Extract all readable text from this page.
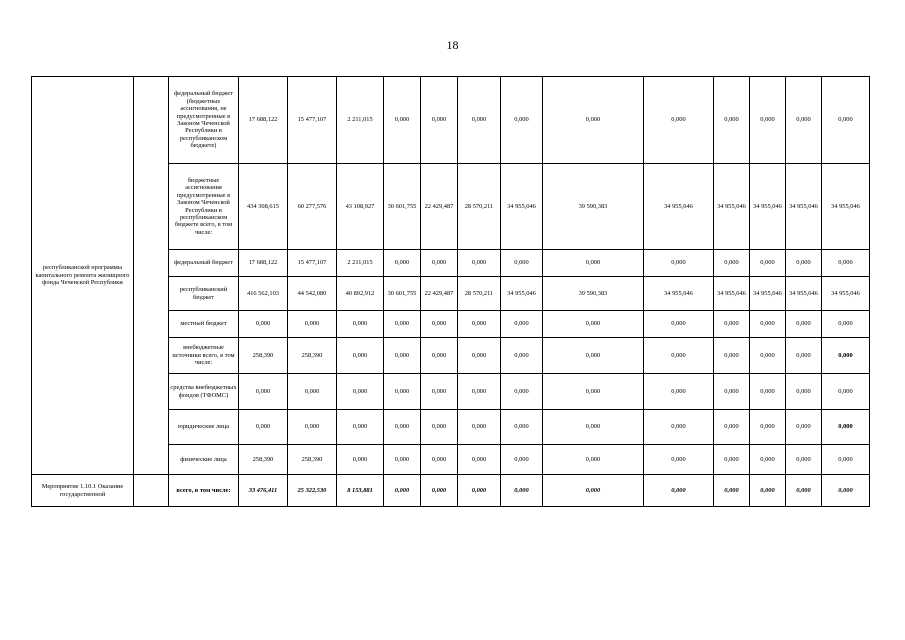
18
республиканской программы капитального ремонта жилищного фонда Чеченской Республики		федеральный бюджет (бюджетные ассигнования, не предусмотренные в Законом Чеченской Республики в республиканском бюджете)	17 688,122	15 477,107	2 211,015	0,000	0,000	0,000	0,000	0,000	0,000	0,000	0,000	0,000	0,000
		бюджетные ассигнования предусмотренные в Законом Чеченской Республики в республиканском бюджете всего, в том числе:	434 308,615	60 277,576	43 108,927	30 601,755	22 429,487	28 570,211	34 955,046	39 590,383	34 955,046	34 955,046	34 955,046	34 955,046	34 955,046
		федеральный бюджет	17 688,122	15 477,107	2 211,015	0,000	0,000	0,000	0,000	0,000	0,000	0,000	0,000	0,000	0,000
		республиканский бюджет	416 562,103	44 542,080	40 892,912	30 601,755	22 429,487	28 570,211	34 955,046	39 590,383	34 955,046	34 955,046	34 955,046	34 955,046	34 955,046
		местный бюджет	0,000	0,000	0,000	0,000	0,000	0,000	0,000	0,000	0,000	0,000	0,000	0,000	0,000
		внебюджетные источники всего, в том числе:	258,390	258,390	0,000	0,000	0,000	0,000	0,000	0,000	0,000	0,000	0,000	0,000	0,000
		средства внебюджетных фондов (ТФОМС)	0,000	0,000	0,000	0,000	0,000	0,000	0,000	0,000	0,000	0,000	0,000	0,000	0,000
		юридические лица	0,000	0,000	0,000	0,000	0,000	0,000	0,000	0,000	0,000	0,000	0,000	0,000	0,000
		физические лица	258,390	258,390	0,000	0,000	0,000	0,000	0,000	0,000	0,000	0,000	0,000	0,000	0,000
Мероприятие 1.10.1 Оказание государственной		всего, в том числе:	33 476,411	25 322,530	8 153,881	0,000	0,000	0,000	0,000	0,000	0,000	0,000	0,000	0,000	0,000
